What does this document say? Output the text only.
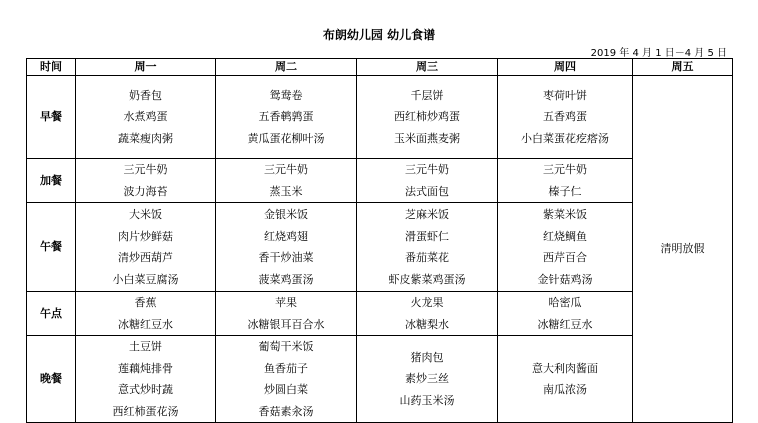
布朗幼儿园 幼儿食谱
2019 年 4 月 1 日－4 月 5 日
时间	周一	周二	周三	周四	周五
早餐	奶香包
水煮鸡蛋
蔬菜瘦肉粥	鸳鸯卷
五香鹌鹑蛋
黄瓜蛋花柳叶汤	千层饼
西红柿炒鸡蛋
玉米面燕麦粥	枣荷叶饼
五香鸡蛋
小白菜蛋花疙瘩汤	清明放假
加餐	三元牛奶
波力海苔	三元牛奶
蒸玉米	三元牛奶
法式面包	三元牛奶
榛子仁	

午餐	大米饭
肉片炒鲜菇
清炒西葫芦
小白菜豆腐汤	金银米饭
红烧鸡翅
香干炒油菜
菠菜鸡蛋汤	芝麻米饭
滑蛋虾仁
番茄菜花
虾皮紫菜鸡蛋汤	紫菜米饭
红烧鲷鱼
西芹百合
金针菇鸡汤	

午点	香蕉
冰糖红豆水	苹果
冰糖银耳百合水	火龙果
冰糖梨水	哈密瓜
冰糖红豆水	

晚餐	土豆饼
莲藕炖排骨
意式炒时蔬
西红柿蛋花汤	葡萄干米饭
鱼香茄子
炒圆白菜
香菇素汆汤	猪肉包
素炒三丝
山药玉米汤	意大利肉酱面
南瓜浓汤	
